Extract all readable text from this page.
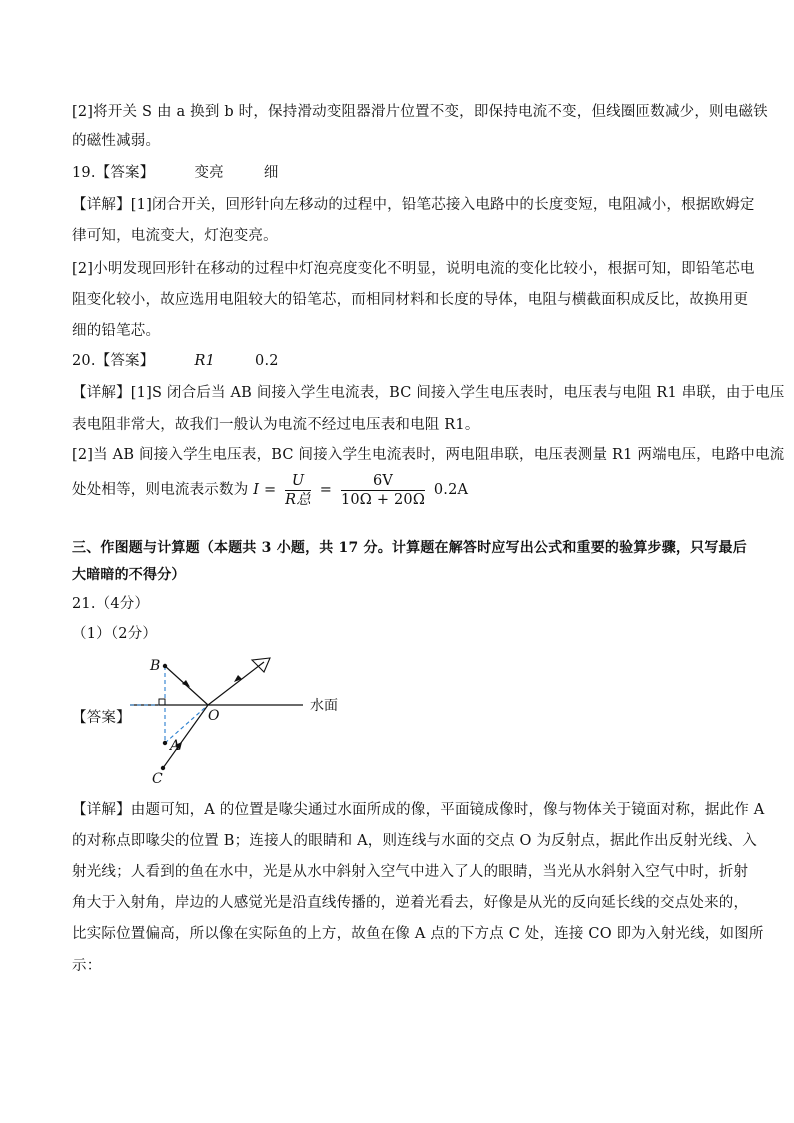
[2]将开关 S 由 a 换到 b 时，保持滑动变阻器滑片位置不变，即保持电流不变，但线圈匝数减少，则电磁铁
的磁性减弱。
19.【答案】	变亮	细
【详解】[1]闭合开关，回形针向左移动的过程中，铅笔芯接入电路中的长度变短，电阻减小，根据欧姆定
律可知，电流变大，灯泡变亮。
[2]小明发现回形针在移动的过程中灯泡亮度变化不明显，说明电流的变化比较小，根据可知，即铅笔芯电
阻变化较小，故应选用电阻较大的铅笔芯，而相同材料和长度的导体，电阻与横截面积成反比，故换用更
细的铅笔芯。
20.【答案】	R1	0.2
【详解】[1]S 闭合后当 AB 间接入学生电流表，BC 间接入学生电压表时，电压表与电阻 R1 串联，由于电压
表电阻非常大，故我们一般认为电流不经过电压表和电阻 R1。
[2]当 AB 间接入学生电压表，BC 间接入学生电流表时，两电阻串联，电压表测量 R1 两端电压，电路中电流
处处相等，则电流表示数为 $I = \frac{U}{\text{R总}} = \frac{6V}{10\Omega + 20\Omega} 0.2A$
三、作图题与计算题（本题共 3 小题，共 17 分。计算题在解答时应写出公式和重要的验算步骤，只写最后
大暗暗的不得分）
21.（4分）
（1）（2分）
【答案】
B
O
A
C
水面
【详解】由题可知，A 的位置是喙尖通过水面所成的像，平面镜成像时，像与物体关于镜面对称，据此作 A
的对称点即喙尖的位置 B；连接人的眼睛和 A，则连线与水面的交点 O 为反射点，据此作出反射光线、入
射光线；人看到的鱼在水中，光是从水中斜射入空气中进入了人的眼睛，当光从水斜射入空气中时，折射
角大于入射角，岸边的人感觉光是沿直线传播的，逆着光看去，好像是从光的反向延长线的交点处来的，
比实际位置偏高，所以像在实际鱼的上方，故鱼在像 A 点的下方点 C 处，连接 CO 即为入射光线，如图所
示：
